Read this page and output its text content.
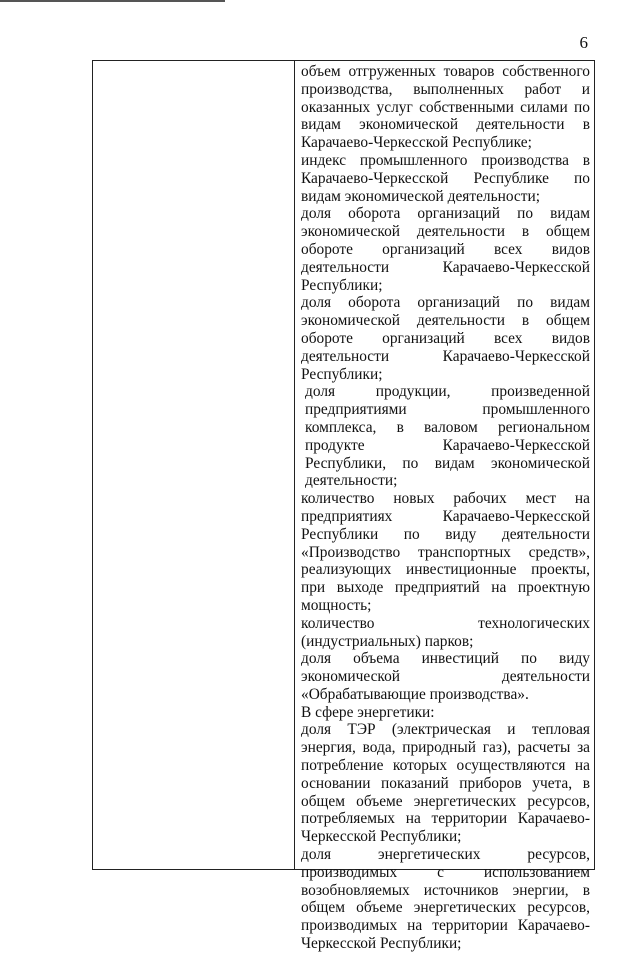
6

объем отгруженных товаров собственного производства, выполненных работ и оказанных услуг собственными силами по видам экономической деятельности в Карачаево-Черкесской Республике;

индекс промышленного производства в Карачаево-Черкесской Республике по видам экономической деятельности;

доля оборота организаций по видам экономической деятельности в общем обороте организаций всех видов деятельности Карачаево-Черкесской Республики;

доля оборота организаций по видам экономической деятельности в общем обороте организаций всех видов деятельности Карачаево-Черкесской Республики;

доля продукции, произведенной предприятиями промышленного комплекса, в валовом региональном продукте Карачаево-Черкесской Республики, по видам экономической деятельности;

количество новых рабочих мест на предприятиях Карачаево-Черкесской Республики по виду деятельности «Производство транспортных средств», реализующих инвестиционные проекты, при выходе предприятий на проектную мощность;

количество технологических (индустриальных) парков;

доля объема инвестиций по виду экономической деятельности «Обрабатывающие производства».

В сфере энергетики:

доля ТЭР (электрическая и тепловая энергия, вода, природный газ), расчеты за потребление которых осуществляются на основании показаний приборов учета, в общем объеме энергетических ресурсов, потребляемых на территории Карачаево-Черкесской Республики;

доля энергетических ресурсов, производимых с использованием возобновляемых источников энергии, в общем объеме энергетических ресурсов, производимых на территории Карачаево-Черкесской Республики;
